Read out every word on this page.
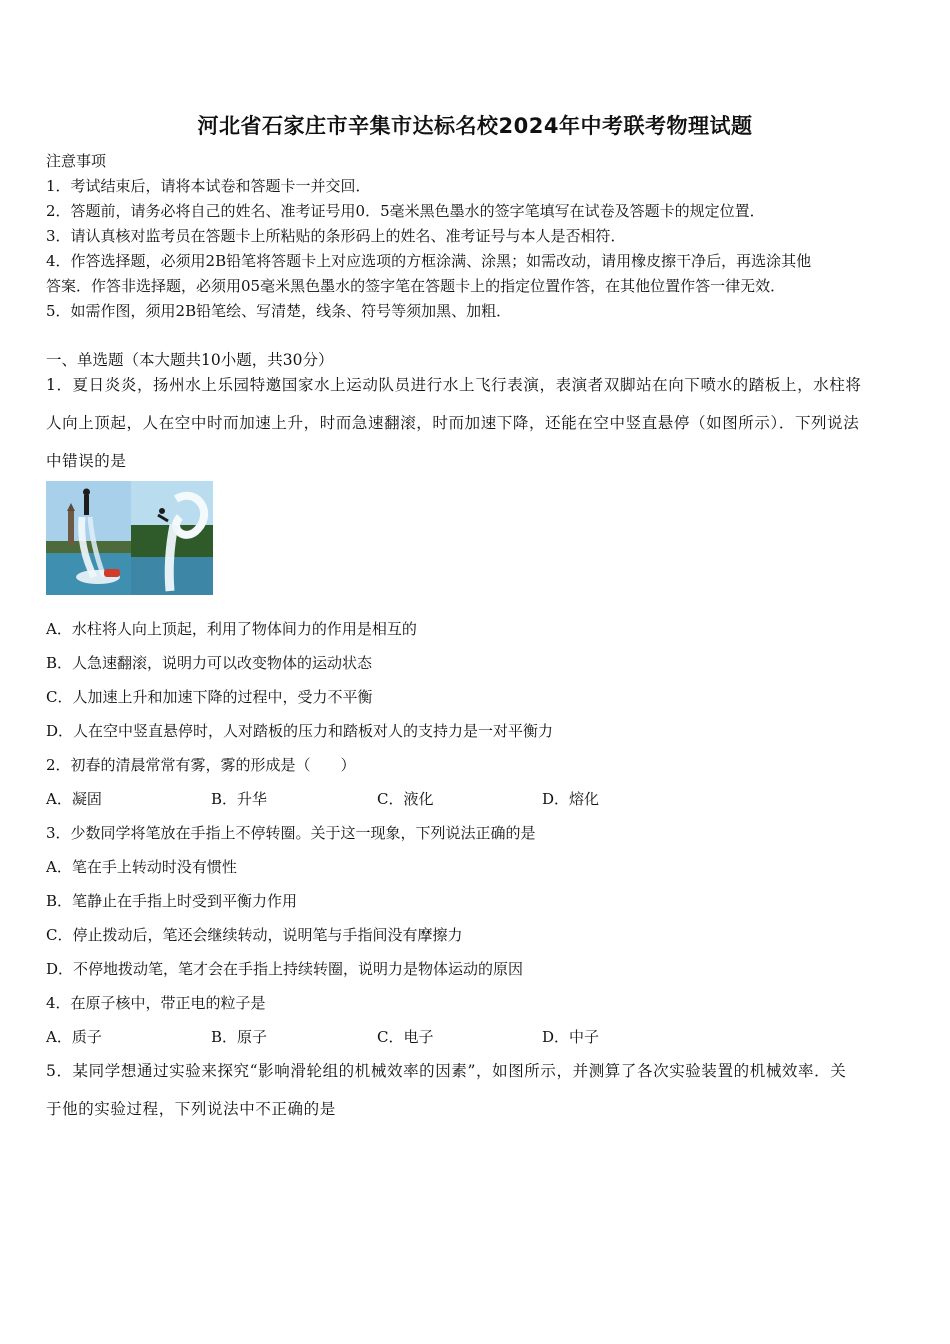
河北省石家庄市辛集市达标名校2024年中考联考物理试题
注意事项
1．考试结束后，请将本试卷和答题卡一并交回．
2．答题前，请务必将自己的姓名、准考证号用0．5毫米黑色墨水的签字笔填写在试卷及答题卡的规定位置．
3．请认真核对监考员在答题卡上所粘贴的条形码上的姓名、准考证号与本人是否相符．
4．作答选择题，必须用2B铅笔将答题卡上对应选项的方框涂满、涂黑；如需改动，请用橡皮擦干净后，再选涂其他
答案．作答非选择题，必须用05毫米黑色墨水的签字笔在答题卡上的指定位置作答，在其他位置作答一律无效．
5．如需作图，须用2B铅笔绘、写清楚，线条、符号等须加黑、加粗．
一、单选题（本大题共10小题，共30分）
1．夏日炎炎，扬州水上乐园特邀国家水上运动队员进行水上飞行表演，表演者双脚站在向下喷水的踏板上，水柱将
人向上顶起，人在空中时而加速上升，时而急速翻滚，时而加速下降，还能在空中竖直悬停（如图所示）．下列说法
中错误的是
A．水柱将人向上顶起，利用了物体间力的作用是相互的
B．人急速翻滚，说明力可以改变物体的运动状态
C．人加速上升和加速下降的过程中，受力不平衡
D．人在空中竖直悬停时，人对踏板的压力和踏板对人的支持力是一对平衡力
2．初春的清晨常常有雾，雾的形成是（　　）
A．凝固	B．升华	C．液化	D．熔化
3．少数同学将笔放在手指上不停转圈。关于这一现象，下列说法正确的是
A．笔在手上转动时没有惯性
B．笔静止在手指上时受到平衡力作用
C．停止拨动后，笔还会继续转动，说明笔与手指间没有摩擦力
D．不停地拨动笔，笔才会在手指上持续转圈，说明力是物体运动的原因
4．在原子核中，带正电的粒子是
A．质子	B．原子	C．电子	D．中子
5．某同学想通过实验来探究“影响滑轮组的机械效率的因素”，如图所示，并测算了各次实验装置的机械效率．关
于他的实验过程，下列说法中不正确的是
